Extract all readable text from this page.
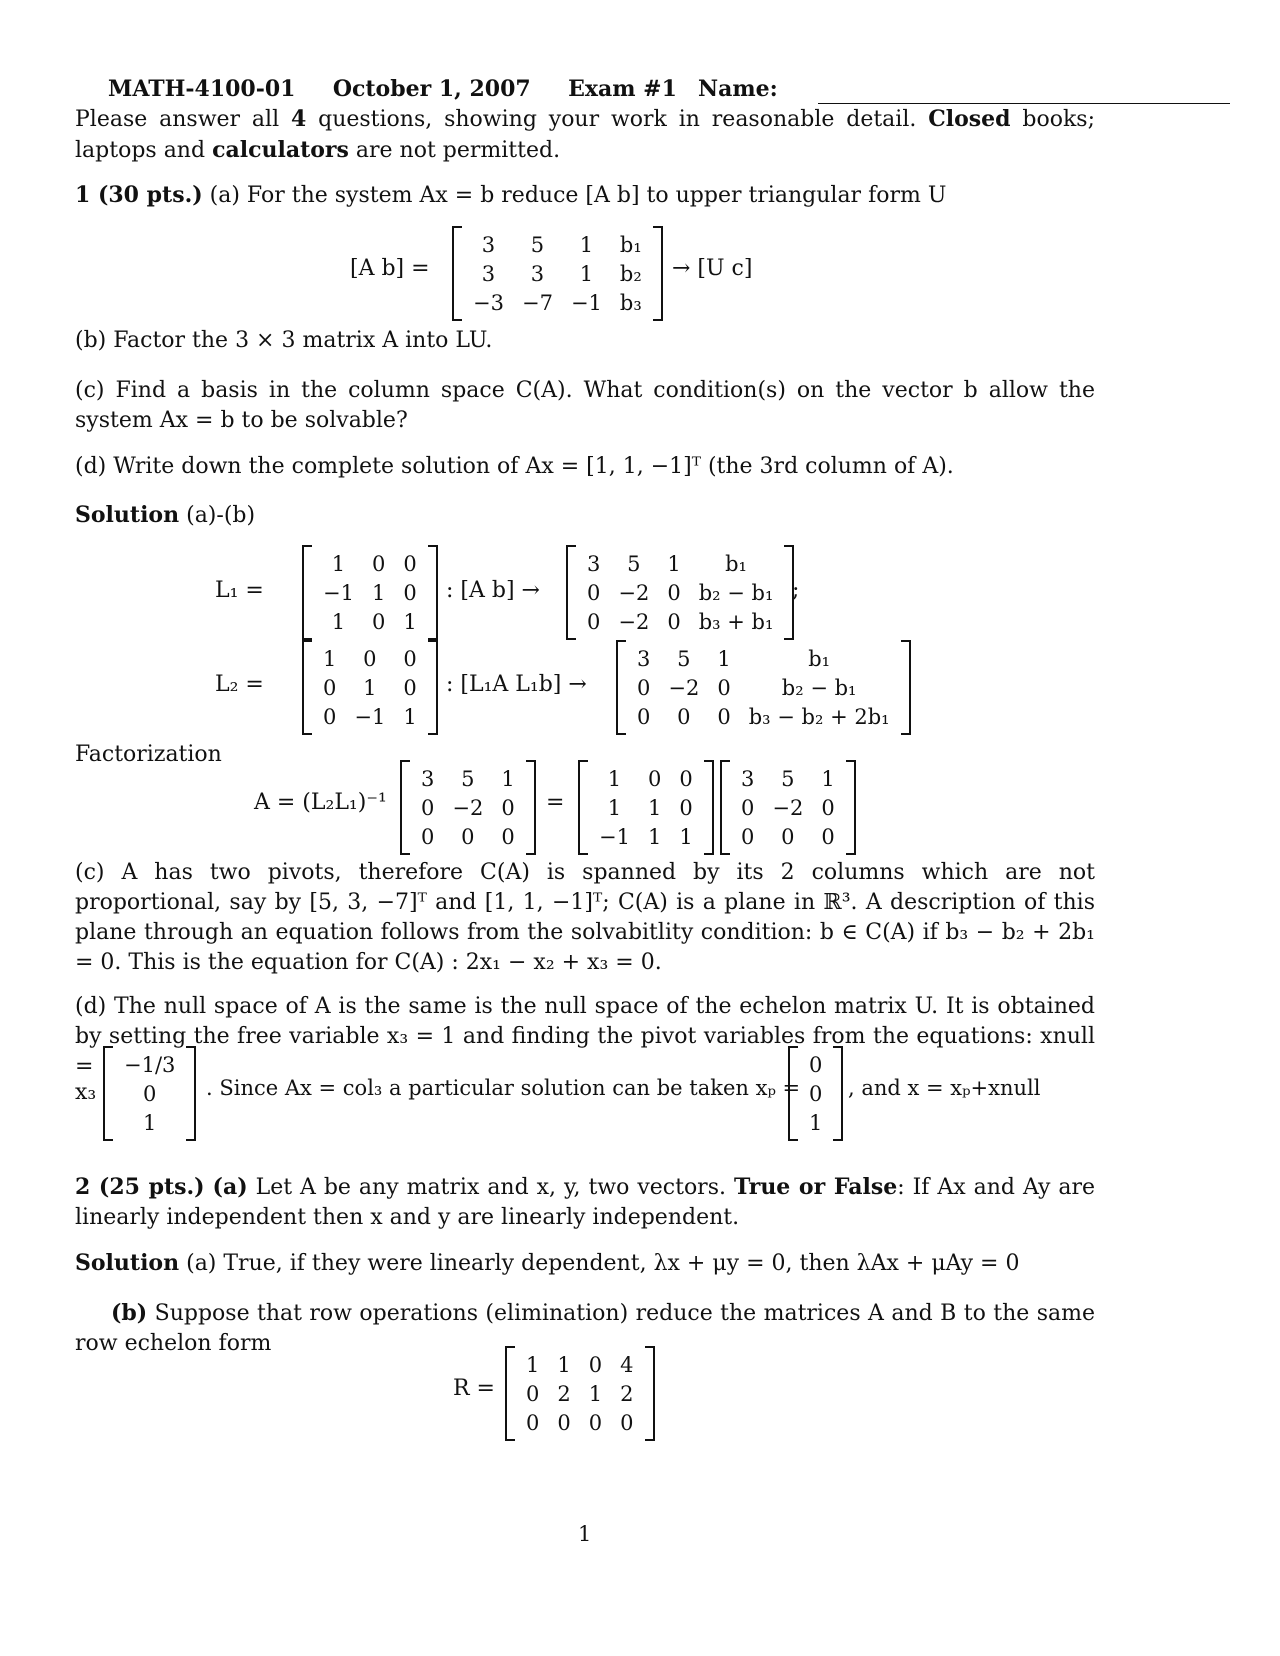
MATH-4100-01 October 1, 2007 Exam #1 Name:
Please answer all 4 questions, showing your work in reasonable detail. Closed books; laptops and calculators are not permitted.
1 (30 pts.) (a) For the system Ax = b reduce [A b] to upper triangular form U
[A b] =
3	5	1	b₁
3	3	1	b₂
−3	−7	−1	b₃
→ [U c]
(b) Factor the 3 × 3 matrix A into LU.
(c) Find a basis in the column space C(A). What condition(s) on the vector b allow the system Ax = b to be solvable?
(d) Write down the complete solution of Ax = [1, 1, −1]ᵀ (the 3rd column of A).
Solution (a)-(b)
L₁ =
1	0	0
−1	1	0
1	0	1
: [A b] →
3	5	1	b₁
0	−2	0	b₂ − b₁
0	−2	0	b₃ + b₁
;
L₂ =
1	0	0
0	1	0
0	−1	1
: [L₁A L₁b] →
3	5	1	b₁
0	−2	0	b₂ − b₁
0	0	0	b₃ − b₂ + 2b₁
Factorization
A = (L₂L₁)⁻¹
3	5	1
0	−2	0
0	0	0
=
1	0	0
1	1	0
−1	1	1
3	5	1
0	−2	0
0	0	0
(c) A has two pivots, therefore C(A) is spanned by its 2 columns which are not proportional, say by [5, 3, −7]ᵀ and [1, 1, −1]ᵀ; C(A) is a plane in ℝ³. A description of this plane through an equation follows from the solvabitlity condition: b ∈ C(A) if b₃ − b₂ + 2b₁ = 0. This is the equation for C(A) : 2x₁ − x₂ + x₃ = 0.
(d) The null space of A is the same is the null space of the echelon matrix U. It is obtained by setting the free variable x₃ = 1 and finding the pivot variables from the equations: xnull =
x₃
−1/3
0
1
. Since Ax = col₃ a particular solution can be taken xₚ =
0
0
1
, and x = xₚ+xnull
2 (25 pts.) (a) Let A be any matrix and x, y, two vectors. True or False: If Ax and Ay are linearly independent then x and y are linearly independent.
Solution (a) True, if they were linearly dependent, λx + μy = 0, then λAx + μAy = 0
(b) Suppose that row operations (elimination) reduce the matrices A and B to the same row echelon form
R =
1	1	0	4
0	2	1	2
0	0	0	0
1
